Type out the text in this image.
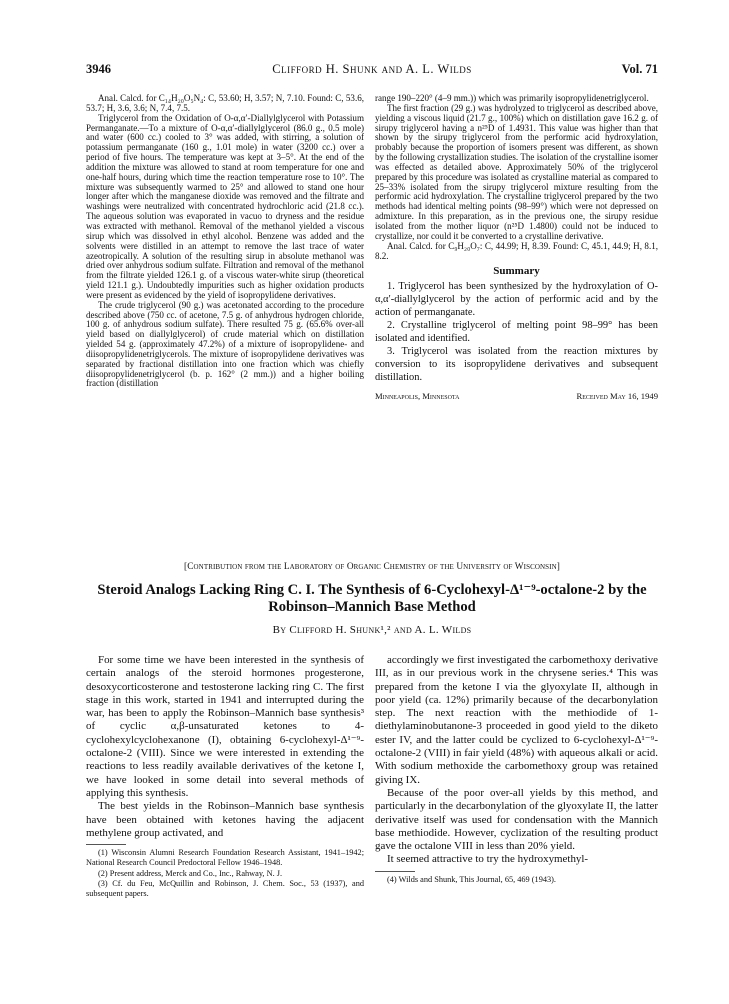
3946	Clifford H. Shunk and A. L. Wilds	Vol. 71

Anal. Calcd. for C₁₄H₂₀O₅N₄: C, 53.60; H, 3.57; N, 7.10. Found: C, 53.6, 53.7; H, 3.6, 3.6; N, 7.4, 7.5.

Triglycerol from the Oxidation of O-α,α′-Diallylglycerol with Potassium Permanganate.—To a mixture of O-α,α′-diallylglycerol (86.0 g., 0.5 mole) and water (600 cc.) cooled to 3° was added, with stirring, a solution of potassium permanganate (160 g., 1.01 mole) in water (3200 cc.) over a period of five hours. The temperature was kept at 3–5°. At the end of the addition the mixture was allowed to stand at room temperature for one and one-half hours, during which time the reaction temperature rose to 10°. The mixture was subsequently warmed to 25° and allowed to stand one hour longer after which the manganese dioxide was removed and the filtrate and washings were neutralized with concentrated hydrochloric acid (21.8 cc.). The aqueous solution was evaporated in vacuo to dryness and the residue was extracted with methanol. Removal of the methanol yielded a viscous sirup which was dissolved in ethyl alcohol. Benzene was added and the solvents were distilled in an attempt to remove the last trace of water azeotropically. A solution of the resulting sirup in absolute methanol was dried over anhydrous sodium sulfate. Filtration and removal of the methanol from the filtrate yielded 126.1 g. of a viscous water-white sirup (theoretical yield 121.1 g.). Undoubtedly impurities such as higher oxidation products were present as evidenced by the yield of isopropylidene derivatives.

The crude triglycerol (90 g.) was acetonated according to the procedure described above (750 cc. of acetone, 7.5 g. of anhydrous hydrogen chloride, 100 g. of anhydrous sodium sulfate). There resulted 75 g. (65.6% over-all yield based on diallylglycerol) of crude material which on distillation yielded 54 g. (approximately 47.2%) of a mixture of isopropylidene- and diisopropylidenetriglycerols. The mixture of isopropylidene derivatives was separated by fractional distillation into one fraction which was chiefly diisopropylidenetriglycerol (b. p. 162° (2 mm.)) and a higher boiling fraction (distillation

range 190–220° (4–9 mm.)) which was primarily isopropylidenetriglycerol.

The first fraction (29 g.) was hydrolyzed to triglycerol as described above, yielding a viscous liquid (21.7 g., 100%) which on distillation gave 16.2 g. of sirupy triglycerol having a n²⁵D of 1.4931. This value was higher than that shown by the sirupy triglycerol from the performic acid hydroxylation, probably because the proportion of isomers present was different, as shown by the following crystallization studies. The isolation of the crystalline isomer was effected as detailed above. Approximately 50% of the triglycerol prepared by this procedure was isolated as crystalline material as compared to 25–33% isolated from the sirupy triglycerol mixture resulting from the performic acid hydroxylation. The crystalline triglycerol prepared by the two methods had identical melting points (98–99°) which were not depressed on admixture. In this preparation, as in the previous one, the sirupy residue isolated from the mother liquor (n²⁵D 1.4800) could not be induced to crystallize, nor could it be converted to a crystalline derivative.

Anal. Calcd. for C₉H₂₀O₇: C, 44.99; H, 8.39. Found: C, 45.1, 44.9; H, 8.1, 8.2.

Summary

1. Triglycerol has been synthesized by the hydroxylation of O-α,α′-diallylglycerol by the action of performic acid and by the action of permanganate.

2. Crystalline triglycerol of melting point 98–99° has been isolated and identified.

3. Triglycerol was isolated from the reaction mixtures by conversion to its isopropylidene derivatives and subsequent distillation.

Minneapolis, Minnesota	Received May 16, 1949
[Contribution from the Laboratory of Organic Chemistry of the University of Wisconsin]
Steroid Analogs Lacking Ring C. I. The Synthesis of 6-Cyclohexyl-Δ¹⁻⁹-octalone-2 by the Robinson–Mannich Base Method
By Clifford H. Shunk¹,² and A. L. Wilds

For some time we have been interested in the synthesis of certain analogs of the steroid hormones progesterone, desoxycorticosterone and testosterone lacking ring C. The first stage in this work, started in 1941 and interrupted during the war, has been to apply the Robinson–Mannich base synthesis³ of cyclic α,β-unsaturated ketones to 4-cyclohexylcyclohexanone (I), obtaining 6-cyclohexyl-Δ¹⁻⁹-octalone-2 (VIII). Since we were interested in extending the reactions to less readily available derivatives of the ketone I, we have looked in some detail into several methods of applying this synthesis.

The best yields in the Robinson–Mannich base synthesis have been obtained with ketones having the adjacent methylene group activated, and

(1) Wisconsin Alumni Research Foundation Research Assistant, 1941–1942; National Research Council Predoctoral Fellow 1946–1948.

(2) Present address, Merck and Co., Inc., Rahway, N. J.

(3) Cf. du Feu, McQuillin and Robinson, J. Chem. Soc., 53 (1937), and subsequent papers.

accordingly we first investigated the carbomethoxy derivative III, as in our previous work in the chrysene series.⁴ This was prepared from the ketone I via the glyoxylate II, although in poor yield (ca. 12%) primarily because of the decarbonylation step. The next reaction with the methiodide of 1-diethylaminobutanone-3 proceeded in good yield to the diketo ester IV, and the latter could be cyclized to 6-cyclohexyl-Δ¹⁻⁹-octalone-2 (VIII) in fair yield (48%) with aqueous alkali or acid. With sodium methoxide the carbomethoxy group was retained giving IX.

Because of the poor over-all yields by this method, and particularly in the decarbonylation of the glyoxylate II, the latter derivative itself was used for condensation with the Mannich base methiodide. However, cyclization of the resulting product gave the octalone VIII in less than 20% yield.

It seemed attractive to try the hydroxymethyl-

(4) Wilds and Shunk, This Journal, 65, 469 (1943).
